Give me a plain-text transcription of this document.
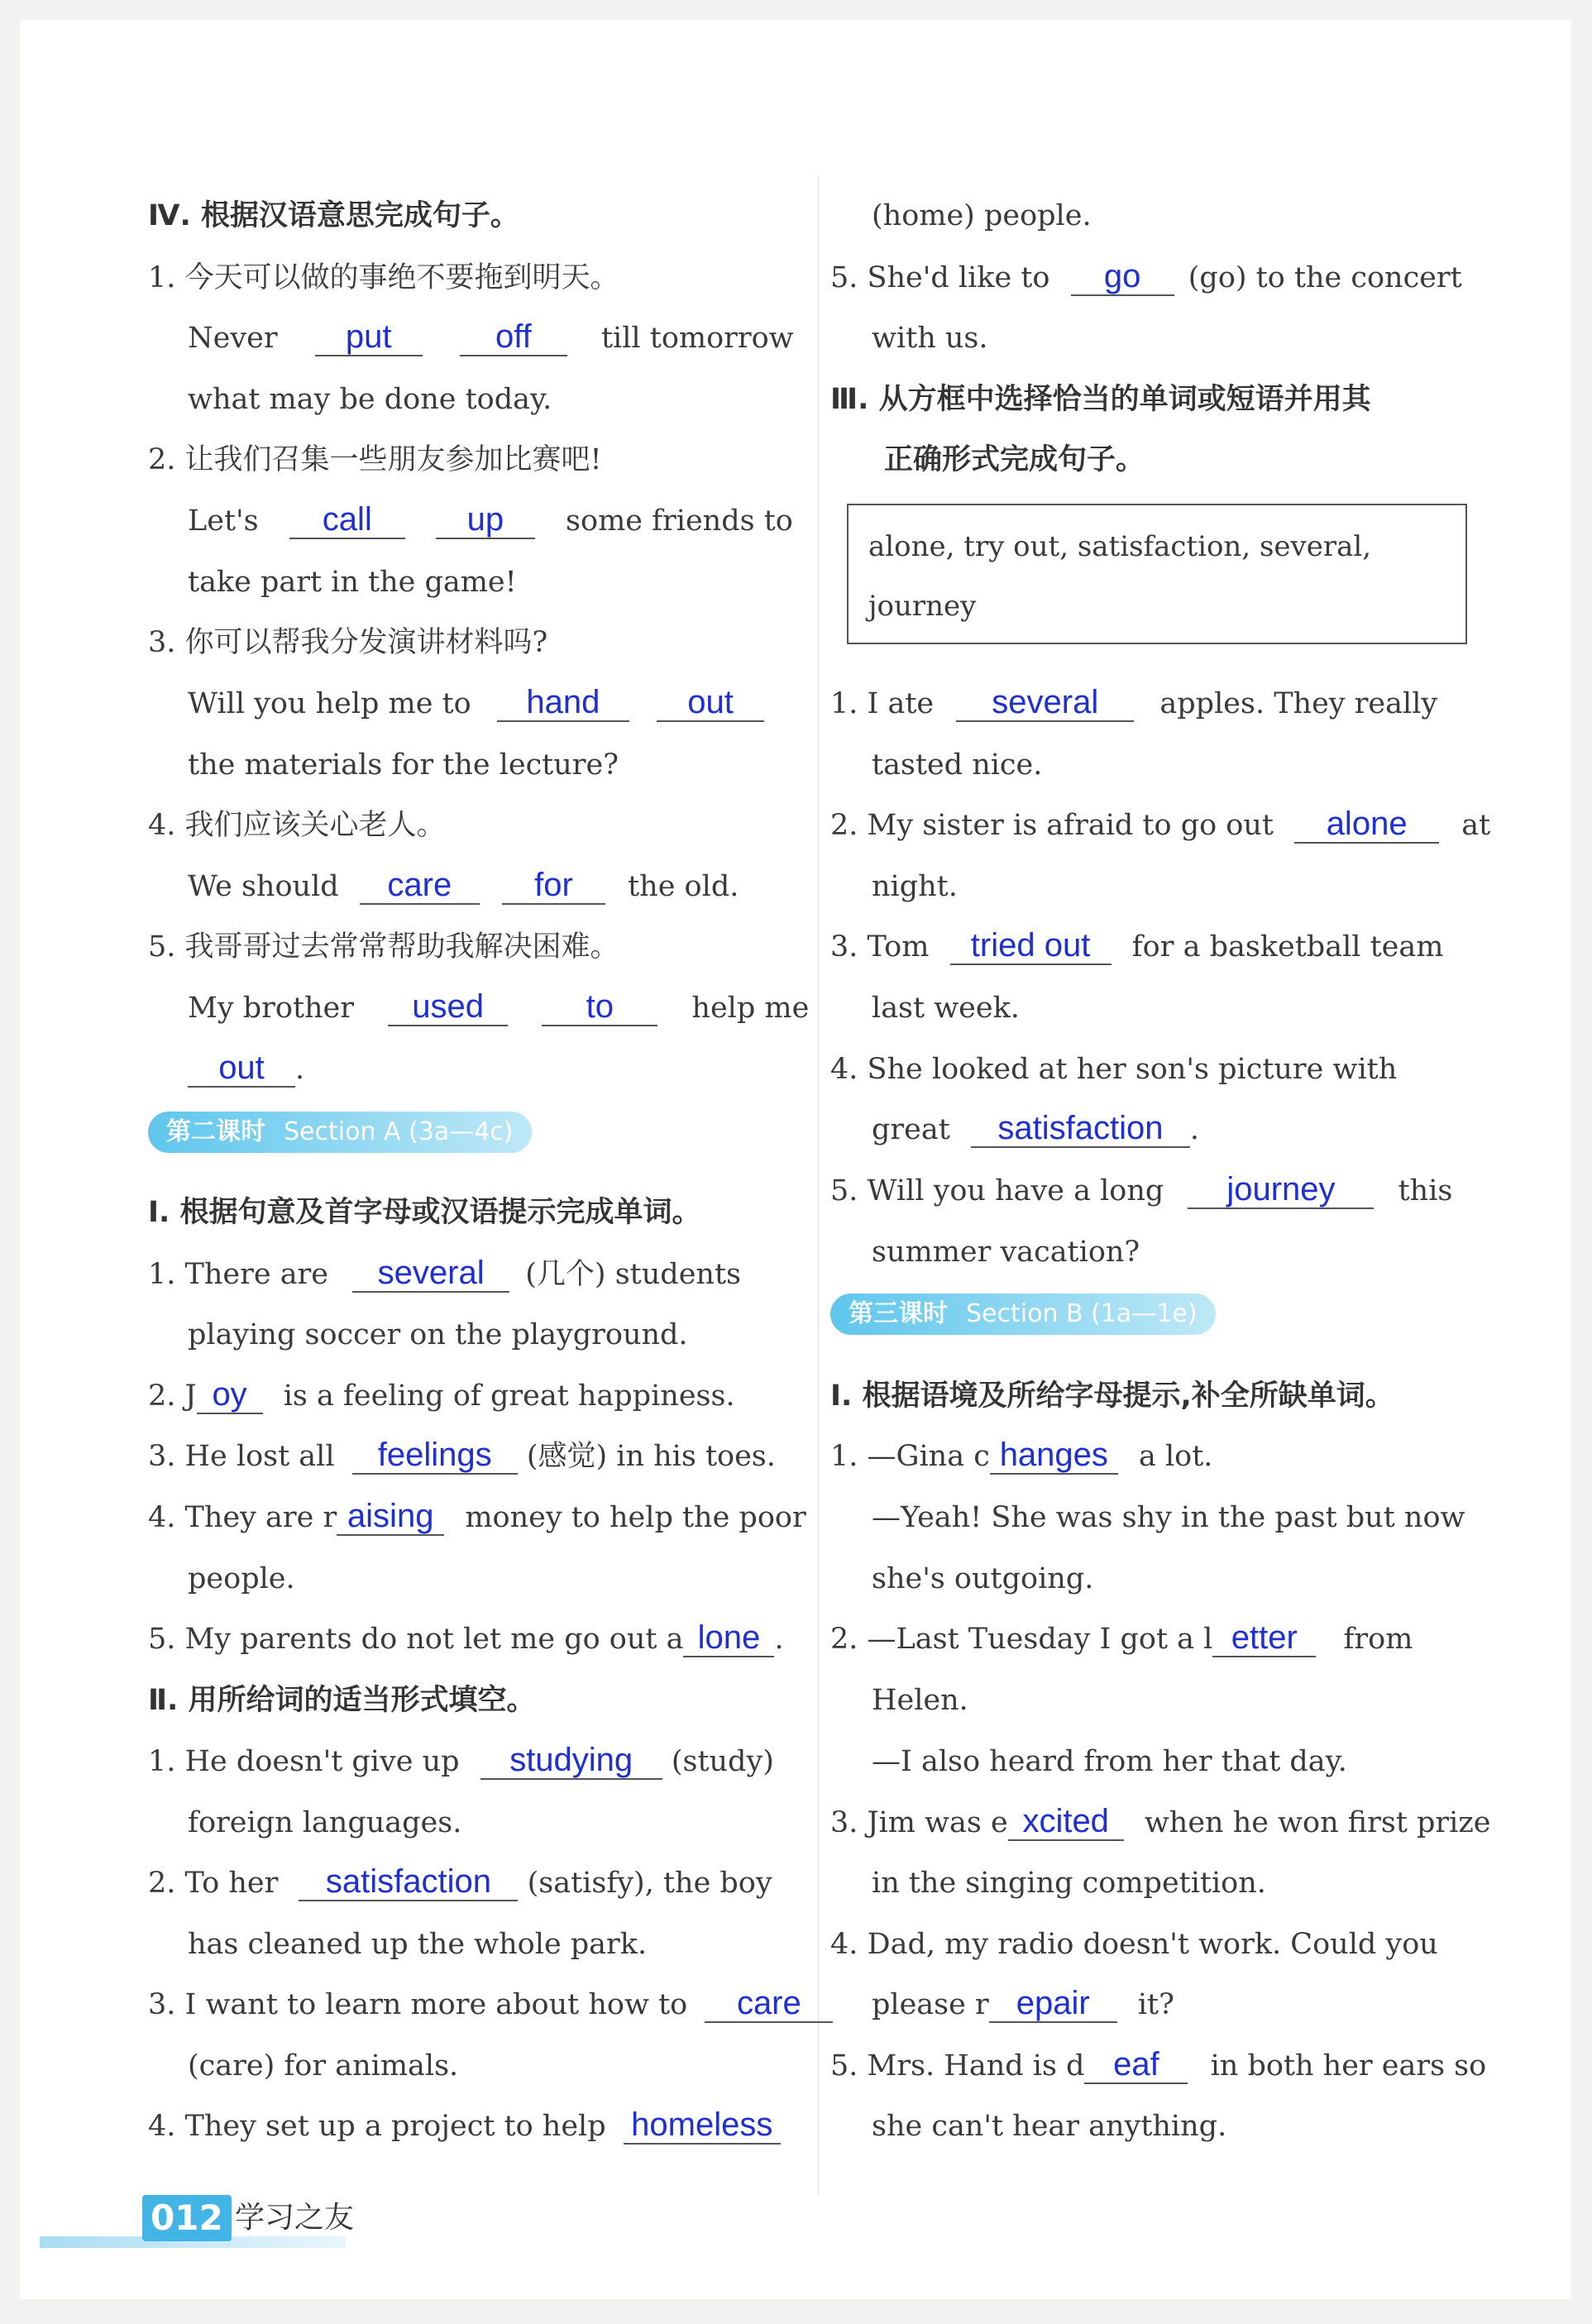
Ⅳ. 根据汉语意思完成句子。
1. 今天可以做的事绝不要拖到明天。
Never put	off till tomorrow
what may be done today.
2. 让我们召集一些朋友参加比赛吧!
Let's call	up some friends to
take part in the game!
3. 你可以帮我分发演讲材料吗?
Will you help me to hand	out
the materials for the lecture?
4. 我们应该关心老人。
We should care for the old.
5. 我哥哥过去常常帮助我解决困难。
My brother used	to	help me
out .
第二课时 Section A (3a—4c)
Ⅰ. 根据句意及首字母或汉语提示完成单词。
1. There are several (几个) students
playing soccer on the playground.
2. J oy is a feeling of great happiness.
3. He lost all feelings (感觉) in his toes.
4. They are r aising money to help the poor
people.
5. My parents do not let me go out a lone .
Ⅱ. 用所给词的适当形式填空。
1. He doesn't give up studying (study)
foreign languages.
2. To her satisfaction (satisfy), the boy
has cleaned up the whole park.
3. I want to learn more about how to care
(care) for animals.
4. They set up a project to help homeless
(home) people.
5. She'd like to go (go) to the concert
with us.
Ⅲ. 从方框中选择恰当的单词或短语并用其
正确形式完成句子。
alone, try out, satisfaction, several,
journey
1. I ate several apples. They really
tasted nice.
2. My sister is afraid to go out alone at
night.
3. Tom tried out for a basketball team
last week.
4. She looked at her son's picture with
great satisfaction .
5. Will you have a long journey this
summer vacation?
第三课时 Section B (1a—1e)
Ⅰ. 根据语境及所给字母提示,补全所缺单词。
1. —Gina c hanges a lot.
—Yeah! She was shy in the past but now
she's outgoing.
2. —Last Tuesday I got a l etter from
Helen.
—I also heard from her that day.
3. Jim was e xcited when he won first prize
in the singing competition.
4. Dad, my radio doesn't work. Could you
please r epair it?
5. Mrs. Hand is d eaf in both her ears so
she can't hear anything.
012 学习之友
